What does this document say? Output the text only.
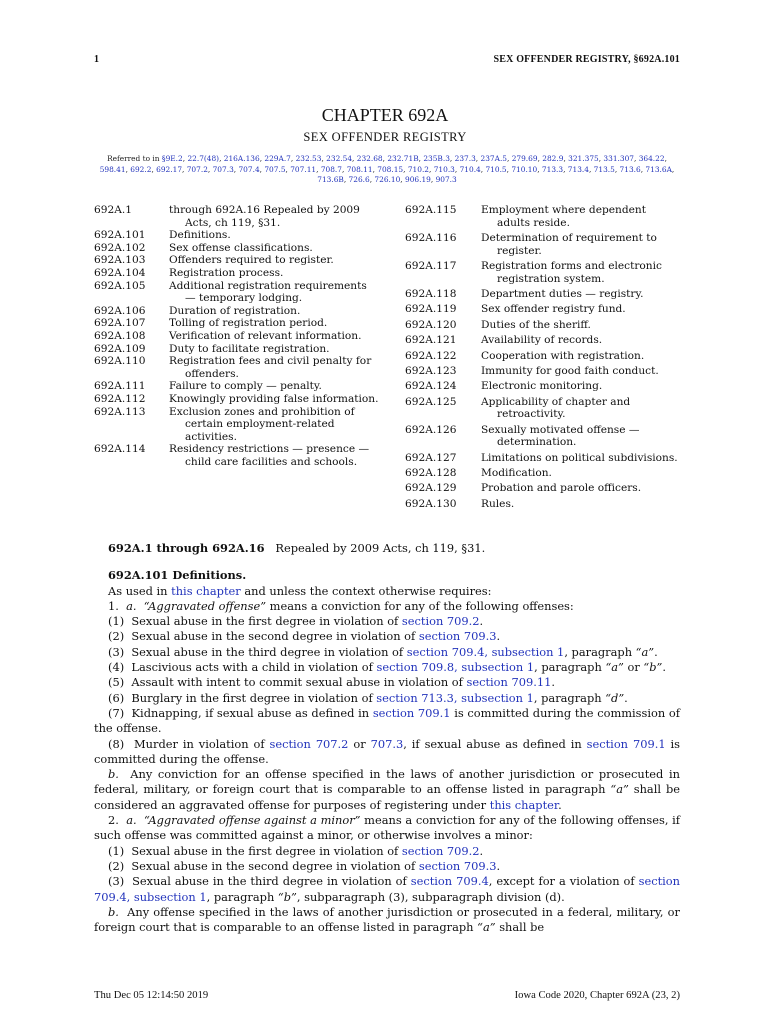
1	SEX OFFENDER REGISTRY, §692A.101
CHAPTER 692A
SEX OFFENDER REGISTRY
Referred to in §9E.2, 22.7(48), 216A.136, 229A.7, 232.53, 232.54, 232.68, 232.71B, 235B.3, 237.3, 237A.5, 279.69, 282.9, 321.375, 331.307, 364.22, 598.41, 692.2, 692.17, 707.2, 707.3, 707.4, 707.5, 707.11, 708.7, 708.11, 708.15, 710.2, 710.3, 710.4, 710.5, 710.10, 713.3, 713.4, 713.5, 713.6, 713.6A, 713.6B, 726.6, 726.10, 906.19, 907.3
692A.1	through 692A.16 Repealed by 2009 Acts, ch 119, §31.
692A.101	Definitions.
692A.102	Sex offense classifications.
692A.103	Offenders required to register.
692A.104	Registration process.
692A.105	Additional registration requirements — temporary lodging.
692A.106	Duration of registration.
692A.107	Tolling of registration period.
692A.108	Verification of relevant information.
692A.109	Duty to facilitate registration.
692A.110	Registration fees and civil penalty for offenders.
692A.111	Failure to comply — penalty.
692A.112	Knowingly providing false information.
692A.113	Exclusion zones and prohibition of certain employment-related activities.
692A.114	Residency restrictions — presence — child care facilities and schools.
692A.115	Employment where dependent adults reside.
692A.116	Determination of requirement to register.
692A.117	Registration forms and electronic registration system.
692A.118	Department duties — registry.
692A.119	Sex offender registry fund.
692A.120	Duties of the sheriff.
692A.121	Availability of records.
692A.122	Cooperation with registration.
692A.123	Immunity for good faith conduct.
692A.124	Electronic monitoring.
692A.125	Applicability of chapter and retroactivity.
692A.126	Sexually motivated offense — determination.
692A.127	Limitations on political subdivisions.
692A.128	Modification.
692A.129	Probation and parole officers.
692A.130	Rules.

692A.1 through 692A.16 Repealed by 2009 Acts, ch 119, §31.

692A.101 Definitions.

As used in this chapter and unless the context otherwise requires:

1.  a. “Aggravated offense” means a conviction for any of the following offenses:

(1)  Sexual abuse in the first degree in violation of section 709.2.

(2)  Sexual abuse in the second degree in violation of section 709.3.

(3)  Sexual abuse in the third degree in violation of section 709.4, subsection 1, paragraph “a”.

(4)  Lascivious acts with a child in violation of section 709.8, subsection 1, paragraph “a” or “b”.

(5)  Assault with intent to commit sexual abuse in violation of section 709.11.

(6)  Burglary in the first degree in violation of section 713.3, subsection 1, paragraph “d”.

(7)  Kidnapping, if sexual abuse as defined in section 709.1 is committed during the commission of the offense.

(8)  Murder in violation of section 707.2 or 707.3, if sexual abuse as defined in section 709.1 is committed during the offense.

b.  Any conviction for an offense specified in the laws of another jurisdiction or prosecuted in federal, military, or foreign court that is comparable to an offense listed in paragraph “a” shall be considered an aggravated offense for purposes of registering under this chapter.

2.  a. “Aggravated offense against a minor” means a conviction for any of the following offenses, if such offense was committed against a minor, or otherwise involves a minor:

(1)  Sexual abuse in the first degree in violation of section 709.2.

(2)  Sexual abuse in the second degree in violation of section 709.3.

(3)  Sexual abuse in the third degree in violation of section 709.4, except for a violation of section 709.4, subsection 1, paragraph “b”, subparagraph (3), subparagraph division (d).

b.  Any offense specified in the laws of another jurisdiction or prosecuted in a federal, military, or foreign court that is comparable to an offense listed in paragraph “a” shall be

Thu Dec 05 12:14:50 2019	Iowa Code 2020, Chapter 692A (23, 2)
